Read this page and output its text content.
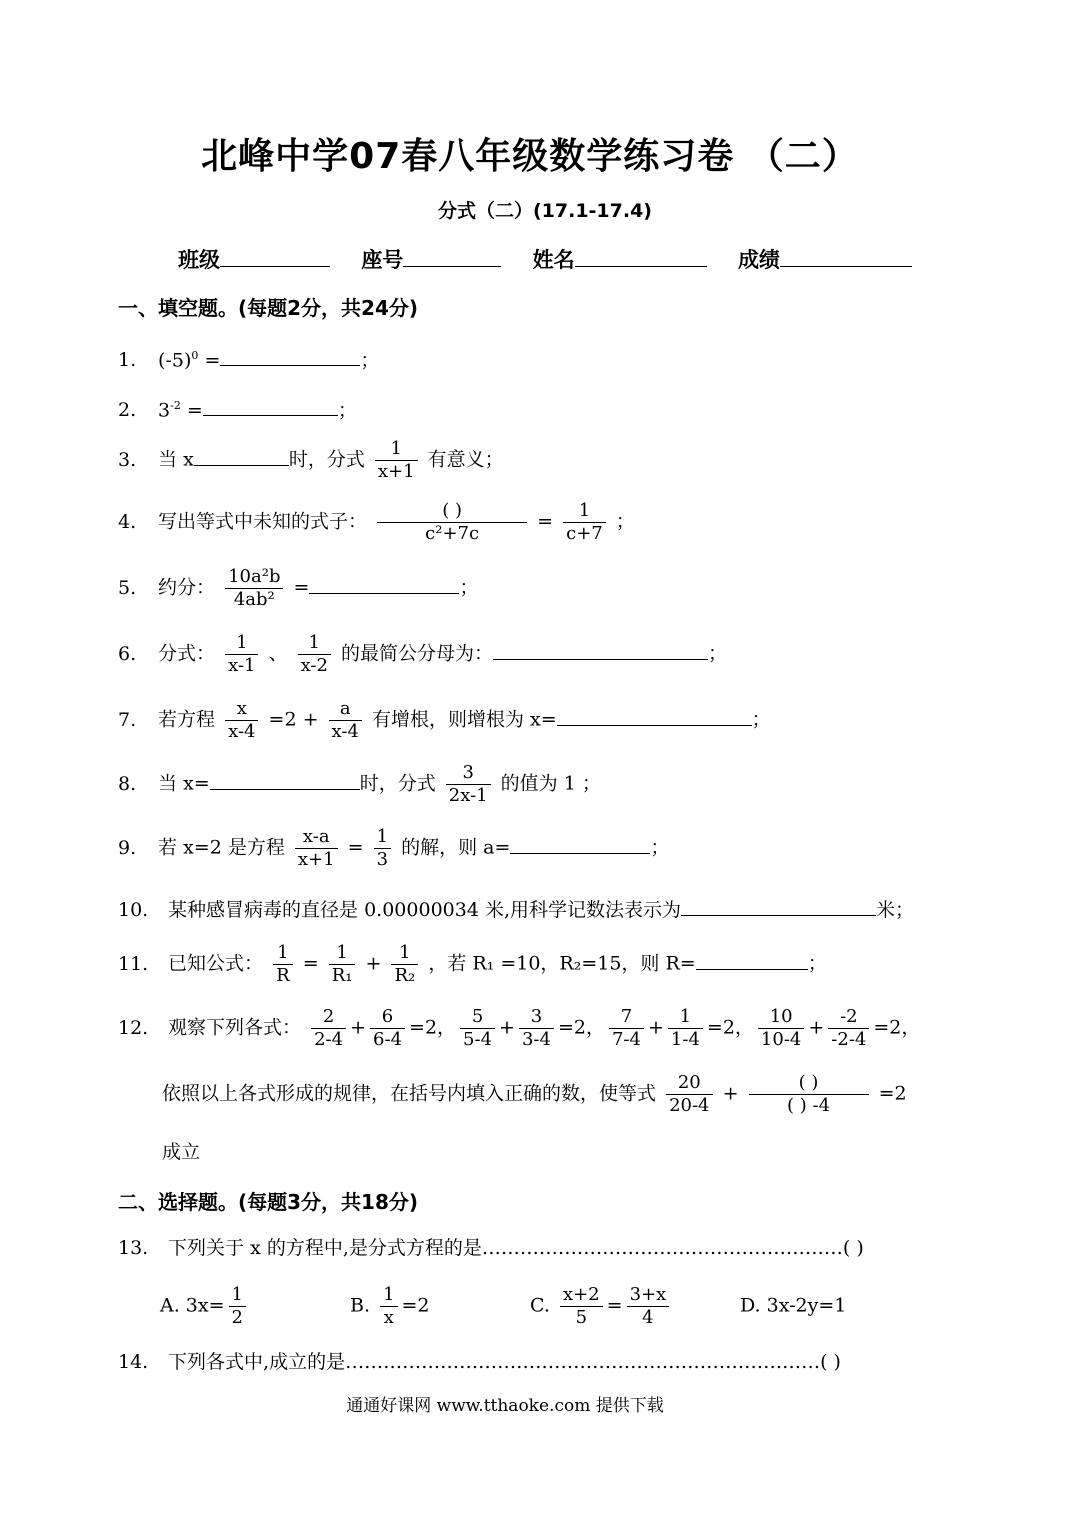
北峰中学07春八年级数学练习卷 （二）
分式（二）(17.1-17.4)
班级	座号	姓名	成绩
一、填空题。(每题2分，共24分)
1. $(-5)^0$ =	；
2. $3^{-2}$ =	；
3. 当 x	时，分式 $\frac{1}{x+1}$ 有意义；
4. 写出等式中未知的式子： $\frac{( )}{\text{c²+7c}} = \frac{1}{c+7}$ ；
5. 约分： $\frac{\text{10a²b}}{\text{4ab²}}$ =	；
6. 分式： $\frac{1}{x-1}$ 、 $\frac{1}{x-2}$ 的最简公分母为：	；
7. 若方程 $\frac{x}{x-4} =2 + \frac{a}{x-4}$ 有增根，则增根为 x=	；
8. 当 x=	时，分式 $\frac{3}{2x-1}$ 的值为 1 ；
9. 若 x=2 是方程 $\frac{x-a}{x+1} = \frac{1}{3}$ 的解，则 a=	；
10. 某种感冒病毒的直径是 0.00000034 米,用科学记数法表示为	米；
11. 已知公式： $\frac{1}{R} = \frac{1}{\text{R₁}} + \frac{1}{\text{R₂}}$ ，若 R₁ =10，R₂=15，则 R=	；
12. 观察下列各式： $\frac{2}{2-4} + \frac{6}{6-4} =2$， $\frac{5}{5-4} + \frac{3}{3-4} =2$， $\frac{7}{7-4} + \frac{1}{1-4} =2$， $\frac{10}{10-4} + \frac{-2}{-2-4} =2$，
依照以上各式形成的规律，在括号内填入正确的数，使等式 $\frac{20}{20-4} + \frac{( )}{( ) -4} =2$
成立
二、选择题。(每题3分，共18分)
13. 下列关于 x 的方程中,是分式方程的是…………………………………………………( )
A. $3x= \frac{1}{2}$	B. $\frac{1}{x} =2$	C. $\frac{x+2}{5} = \frac{3+x}{4}$	D. 3x-2y=1
14. 下列各式中,成立的是…………………………………………………………………( )
通通好课网 www.tthaoke.com 提供下载
